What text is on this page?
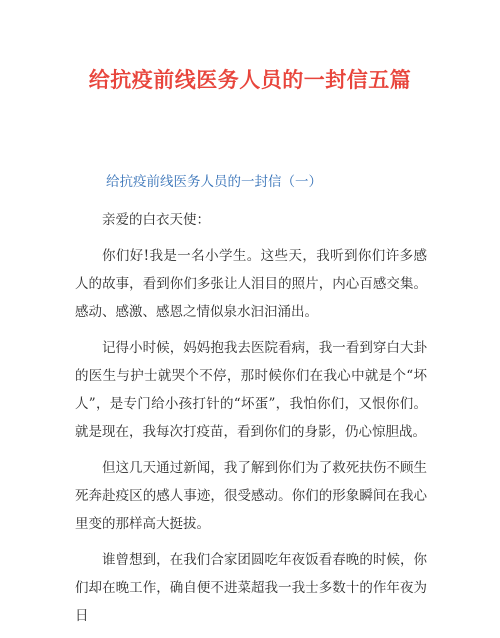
给抗疫前线医务人员的一封信五篇
给抗疫前线医务人员的一封信（一）

亲爱的白衣天使：

你们好!我是一名小学生。这些天，我听到你们许多感人的故事，看到你们多张让人泪目的照片，内心百感交集。感动、感激、感恩之情似泉水汩汩涌出。

记得小时候，妈妈抱我去医院看病，我一看到穿白大卦的医生与护士就哭个不停，那时候你们在我心中就是个“坏人”，是专门给小孩打针的“坏蛋”，我怕你们，又恨你们。就是现在，我每次打疫苗，看到你们的身影，仍心惊胆战。

但这几天通过新闻，我了解到你们为了救死扶伤不顾生死奔赴疫区的感人事迹，很受感动。你们的形象瞬间在我心里变的那样高大挺拔。

谁曾想到，在我们合家团圆吃年夜饭看春晚的时候，你们却在晚工作，确自便不进菜超我一我士多数十的作年夜为日
